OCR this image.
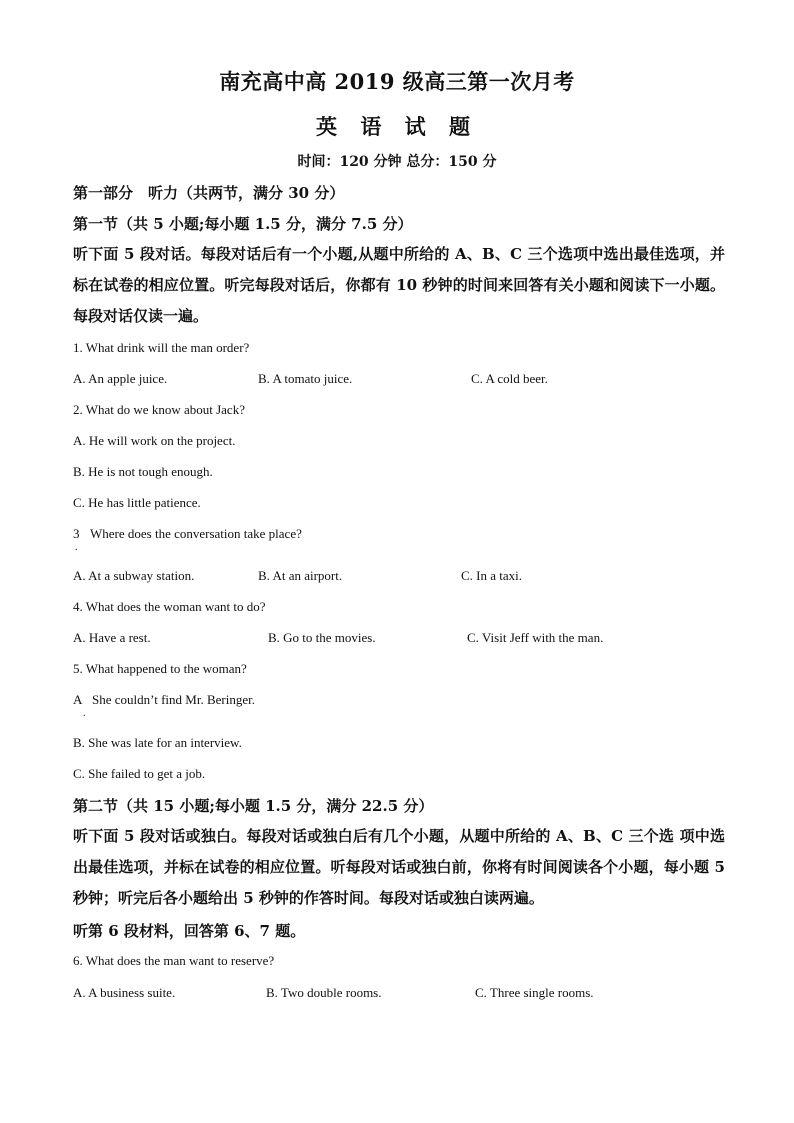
南充高中高 2019 级高三第一次月考
英 语 试 题
时间：120 分钟 总分：150 分
第一部分　听力（共两节，满分 30 分）
第一节（共 5 小题;每小题 1.5 分，满分 7.5 分）
听下面 5 段对话。每段对话后有一个小题,从题中所给的 A、B、C 三个选项中选出最佳选项，并标在试卷的相应位置。听完每段对话后，你都有 10 秒钟的时间来回答有关小题和阅读下一小题。每段对话仅读一遍。
1. What drink will the man order?
A. An apple juice.	B. A tomato juice.	C. A cold beer.
2. What do we know about Jack?
A. He will work on the project.
B. He is not tough enough.
C. He has little patience.
3
.
Where does the conversation take place?
A. At a subway station.	B. At an airport.	C. In a taxi.
4. What does the woman want to do?
A. Have a rest.	B. Go to the movies.	C. Visit Jeff with the man.
5. What happened to the woman?
A
.
She couldn’t find Mr. Beringer.
B. She was late for an interview.
C. She failed to get a job.
第二节（共 15 小题;每小题 1.5 分，满分 22.5 分）
听下面 5 段对话或独白。每段对话或独白后有几个小题，从题中所给的 A、B、C 三个选 项中选出最佳选项，并标在试卷的相应位置。听每段对话或独白前，你将有时间阅读各个小题，每小题 5 秒钟；听完后各小题给出 5 秒钟的作答时间。每段对话或独白读两遍。
听第 6 段材料，回答第 6、7 题。
6. What does the man want to reserve?
A. A business suite.	B. Two double rooms.	C. Three single rooms.
